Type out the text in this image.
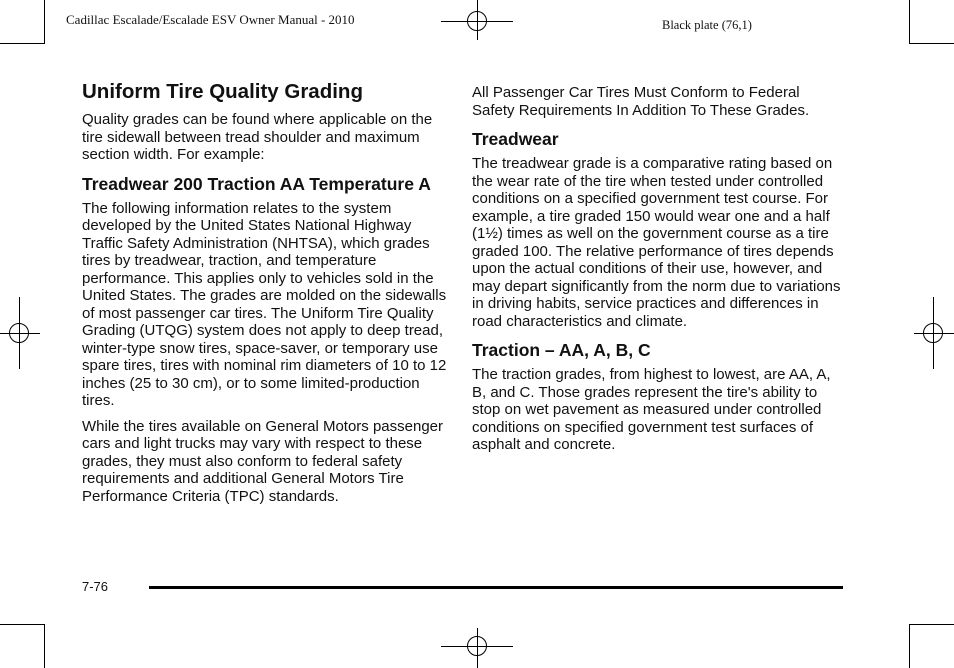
Cadillac Escalade/Escalade ESV Owner Manual - 2010	Black plate (76,1)
Uniform Tire Quality Grading

Quality grades can be found where applicable on the tire sidewall between tread shoulder and maximum section width. For example:

Treadwear 200 Traction AA Temperature A

The following information relates to the system developed by the United States National Highway Traffic Safety Administration (NHTSA), which grades tires by treadwear, traction, and temperature performance. This applies only to vehicles sold in the United States. The grades are molded on the sidewalls of most passenger car tires. The Uniform Tire Quality Grading (UTQG) system does not apply to deep tread, winter-type snow tires, space-saver, or temporary use spare tires, tires with nominal rim diameters of 10 to 12 inches (25 to 30 cm), or to some limited-production tires.

While the tires available on General Motors passenger cars and light trucks may vary with respect to these grades, they must also conform to federal safety requirements and additional General Motors Tire Performance Criteria (TPC) standards.

All Passenger Car Tires Must Conform to Federal Safety Requirements In Addition To These Grades.

Treadwear

The treadwear grade is a comparative rating based on the wear rate of the tire when tested under controlled conditions on a specified government test course. For example, a tire graded 150 would wear one and a half (1½) times as well on the government course as a tire graded 100. The relative performance of tires depends upon the actual conditions of their use, however, and may depart significantly from the norm due to variations in driving habits, service practices and differences in road characteristics and climate.

Traction – AA, A, B, C

The traction grades, from highest to lowest, are AA, A, B, and C. Those grades represent the tire's ability to stop on wet pavement as measured under controlled conditions on specified government test surfaces of asphalt and concrete.

7-76
